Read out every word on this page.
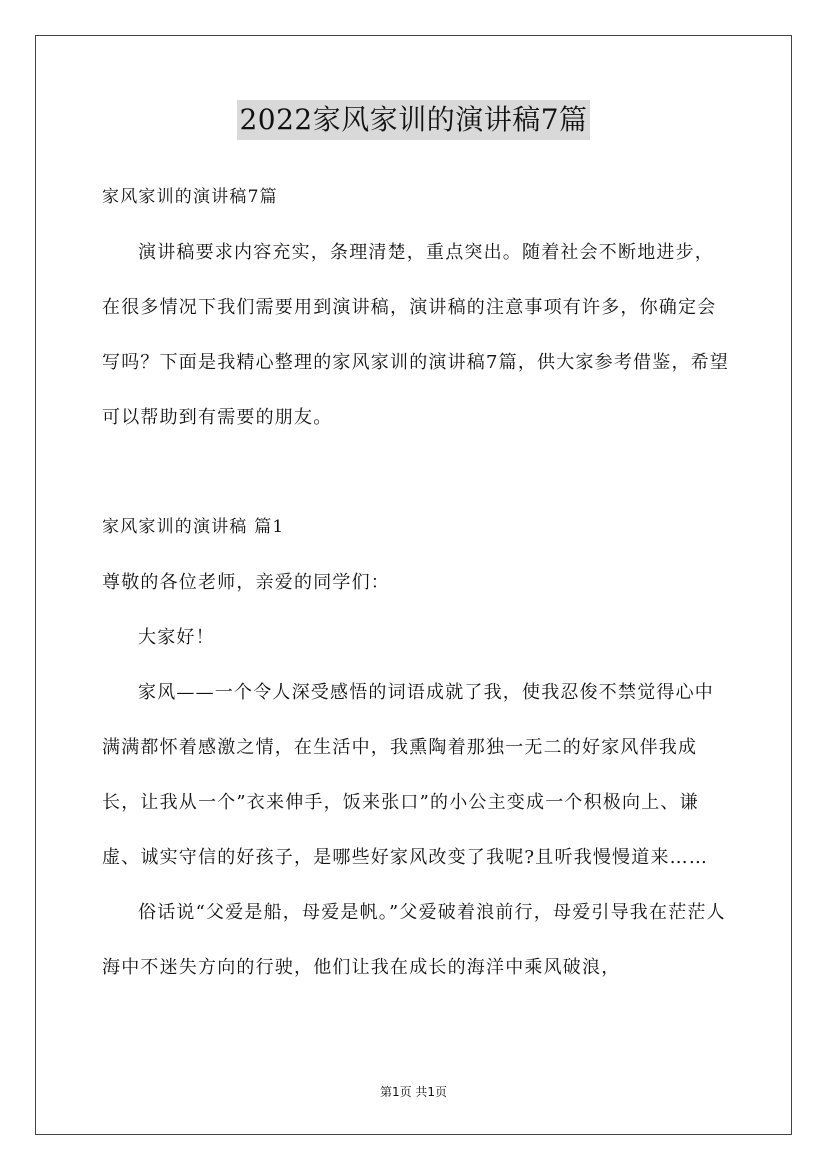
2022家风家训的演讲稿7篇

家风家训的演讲稿7篇

演讲稿要求内容充实，条理清楚，重点突出。随着社会不断地进步，在很多情况下我们需要用到演讲稿，演讲稿的注意事项有许多，你确定会写吗？下面是我精心整理的家风家训的演讲稿7篇，供大家参考借鉴，希望可以帮助到有需要的朋友。

家风家训的演讲稿 篇1

尊敬的各位老师，亲爱的同学们：

大家好！

家风——一个令人深受感悟的词语成就了我，使我忍俊不禁觉得心中满满都怀着感激之情，在生活中，我熏陶着那独一无二的好家风伴我成长，让我从一个”衣来伸手，饭来张口”的小公主变成一个积极向上、谦虚、诚实守信的好孩子，是哪些好家风改变了我呢?且听我慢慢道来……

俗话说“父爱是船，母爱是帆。”父爱破着浪前行，母爱引导我在茫茫人海中不迷失方向的行驶，他们让我在成长的海洋中乘风破浪，

第1页 共1页
